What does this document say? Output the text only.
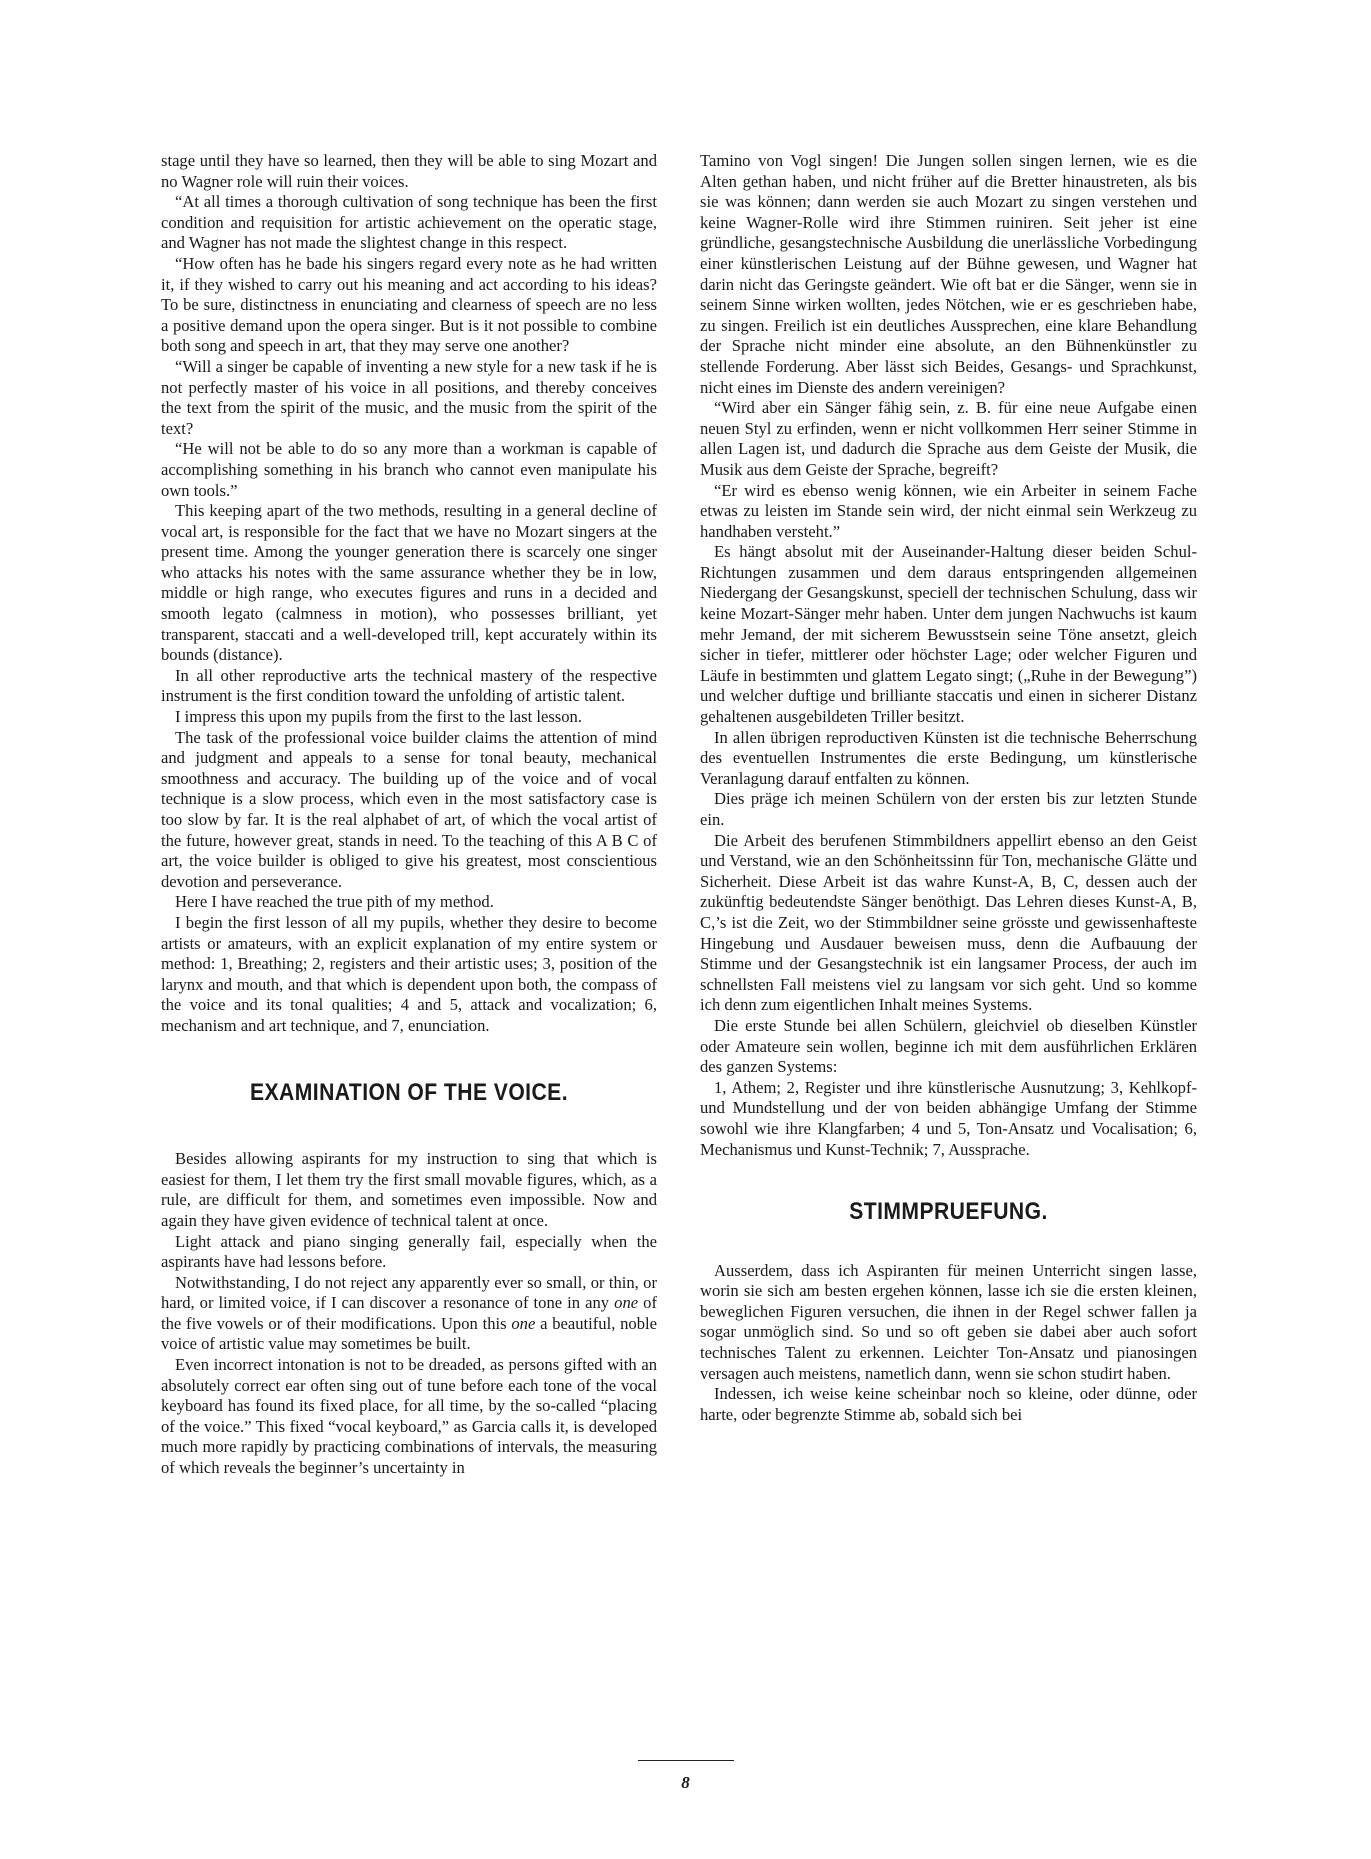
stage until they have so learned, then they will be able to sing Mozart and no Wagner role will ruin their voices.

“At all times a thorough cultivation of song technique has been the first condition and requisition for artistic achievement on the operatic stage, and Wagner has not made the slightest change in this respect.

“How often has he bade his singers regard every note as he had written it, if they wished to carry out his meaning and act according to his ideas? To be sure, distinctness in enunciating and clearness of speech are no less a positive demand upon the opera singer. But is it not possible to combine both song and speech in art, that they may serve one another?

“Will a singer be capable of inventing a new style for a new task if he is not perfectly master of his voice in all positions, and thereby conceives the text from the spirit of the music, and the music from the spirit of the text?

“He will not be able to do so any more than a workman is capable of accomplishing something in his branch who cannot even manipulate his own tools.”

This keeping apart of the two methods, resulting in a general decline of vocal art, is responsible for the fact that we have no Mozart singers at the present time. Among the younger generation there is scarcely one singer who attacks his notes with the same assurance whether they be in low, middle or high range, who executes figures and runs in a decided and smooth legato (calmness in motion), who possesses brilliant, yet transparent, staccati and a well-developed trill, kept accurately within its bounds (distance).

In all other reproductive arts the technical mastery of the respective instrument is the first condition toward the unfolding of artistic talent.

I impress this upon my pupils from the first to the last lesson.

The task of the professional voice builder claims the attention of mind and judgment and appeals to a sense for tonal beauty, mechanical smoothness and accuracy. The building up of the voice and of vocal technique is a slow process, which even in the most satisfactory case is too slow by far. It is the real alphabet of art, of which the vocal artist of the future, however great, stands in need. To the teaching of this A B C of art, the voice builder is obliged to give his greatest, most conscientious devotion and perseverance.

Here I have reached the true pith of my method.

I begin the first lesson of all my pupils, whether they desire to become artists or amateurs, with an explicit explanation of my entire system or method: 1, Breathing; 2, registers and their artistic uses; 3, position of the larynx and mouth, and that which is dependent upon both, the compass of the voice and its tonal qualities; 4 and 5, attack and vocalization; 6, mechanism and art technique, and 7, enunciation.

EXAMINATION OF THE VOICE.

Besides allowing aspirants for my instruction to sing that which is easiest for them, I let them try the first small movable figures, which, as a rule, are difficult for them, and sometimes even impossible. Now and again they have given evidence of technical talent at once.

Light attack and piano singing generally fail, especially when the aspirants have had lessons before.

Notwithstanding, I do not reject any apparently ever so small, or thin, or hard, or limited voice, if I can discover a resonance of tone in any one of the five vowels or of their modifications. Upon this one a beautiful, noble voice of artistic value may sometimes be built.

Even incorrect intonation is not to be dreaded, as persons gifted with an absolutely correct ear often sing out of tune before each tone of the vocal keyboard has found its fixed place, for all time, by the so-called “placing of the voice.” This fixed “vocal keyboard,” as Garcia calls it, is developed much more rapidly by practicing combinations of intervals, the measuring of which reveals the beginner’s uncertainty in

Tamino von Vogl singen! Die Jungen sollen singen lernen, wie es die Alten gethan haben, und nicht früher auf die Bretter hinaustreten, als bis sie was können; dann werden sie auch Mozart zu singen verstehen und keine Wagner-Rolle wird ihre Stimmen ruiniren. Seit jeher ist eine gründliche, gesangstechnische Ausbildung die unerlässliche Vorbedingung einer künstlerischen Leistung auf der Bühne gewesen, und Wagner hat darin nicht das Geringste geändert. Wie oft bat er die Sänger, wenn sie in seinem Sinne wirken wollten, jedes Nötchen, wie er es geschrieben habe, zu singen. Freilich ist ein deutliches Aussprechen, eine klare Behandlung der Sprache nicht minder eine absolute, an den Bühnenkünstler zu stellende Forderung. Aber lässt sich Beides, Gesangs- und Sprachkunst, nicht eines im Dienste des andern vereinigen?

“Wird aber ein Sänger fähig sein, z. B. für eine neue Aufgabe einen neuen Styl zu erfinden, wenn er nicht vollkommen Herr seiner Stimme in allen Lagen ist, und dadurch die Sprache aus dem Geiste der Musik, die Musik aus dem Geiste der Sprache, begreift?

“Er wird es ebenso wenig können, wie ein Arbeiter in seinem Fache etwas zu leisten im Stande sein wird, der nicht einmal sein Werkzeug zu handhaben versteht.”

Es hängt absolut mit der Auseinander-Haltung dieser beiden Schul-Richtungen zusammen und dem daraus entspringenden allgemeinen Niedergang der Gesangskunst, speciell der technischen Schulung, dass wir keine Mozart-Sänger mehr haben. Unter dem jungen Nachwuchs ist kaum mehr Jemand, der mit sicherem Bewusstsein seine Töne ansetzt, gleich sicher in tiefer, mittlerer oder höchster Lage; oder welcher Figuren und Läufe in bestimmten und glattem Legato singt; („Ruhe in der Bewegung”) und welcher duftige und brilliante staccatis und einen in sicherer Distanz gehaltenen ausgebildeten Triller besitzt.

In allen übrigen reproductiven Künsten ist die technische Beherrschung des eventuellen Instrumentes die erste Bedingung, um künstlerische Veranlagung darauf entfalten zu können.

Dies präge ich meinen Schülern von der ersten bis zur letzten Stunde ein.

Die Arbeit des berufenen Stimmbildners appellirt ebenso an den Geist und Verstand, wie an den Schönheitssinn für Ton, mechanische Glätte und Sicherheit. Diese Arbeit ist das wahre Kunst-A, B, C, dessen auch der zukünftig bedeutendste Sänger benöthigt. Das Lehren dieses Kunst-A, B, C,’s ist die Zeit, wo der Stimmbildner seine grösste und gewissenhafteste Hingebung und Ausdauer beweisen muss, denn die Aufbauung der Stimme und der Gesangstechnik ist ein langsamer Process, der auch im schnellsten Fall meistens viel zu langsam vor sich geht. Und so komme ich denn zum eigentlichen Inhalt meines Systems.

Die erste Stunde bei allen Schülern, gleichviel ob dieselben Künstler oder Amateure sein wollen, beginne ich mit dem ausführlichen Erklären des ganzen Systems:

1, Athem; 2, Register und ihre künstlerische Ausnutzung; 3, Kehlkopf- und Mundstellung und der von beiden abhängige Umfang der Stimme sowohl wie ihre Klangfarben; 4 und 5, Ton-Ansatz und Vocalisation; 6, Mechanismus und Kunst-Technik; 7, Aussprache.

STIMMPRUEFUNG.

Ausserdem, dass ich Aspiranten für meinen Unterricht singen lasse, worin sie sich am besten ergehen können, lasse ich sie die ersten kleinen, beweglichen Figuren versuchen, die ihnen in der Regel schwer fallen ja sogar unmöglich sind. So und so oft geben sie dabei aber auch sofort technisches Talent zu erkennen. Leichter Ton-Ansatz und pianosingen versagen auch meistens, nametlich dann, wenn sie schon studirt haben.

Indessen, ich weise keine scheinbar noch so kleine, oder dünne, oder harte, oder begrenzte Stimme ab, sobald sich bei

8
